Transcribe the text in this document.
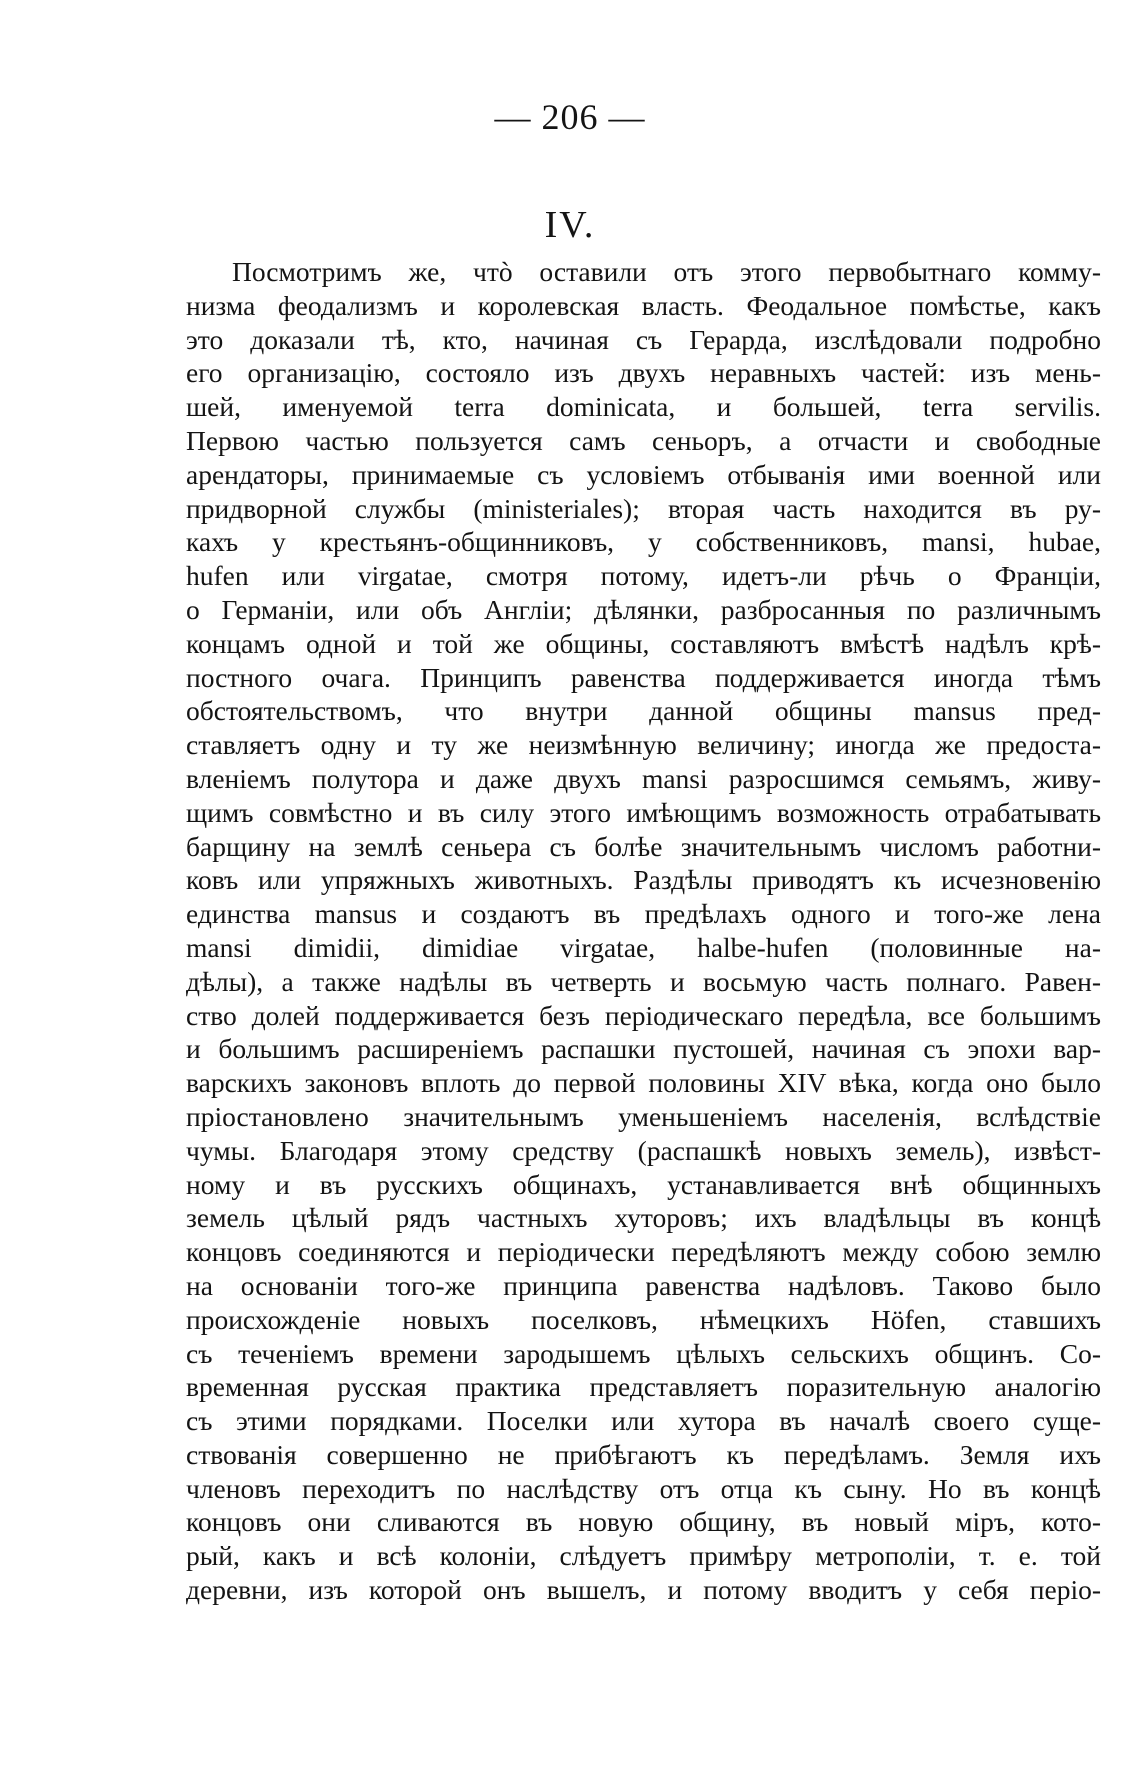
— 206 —
IV.
Посмотримъ же, чтò оставили отъ этого первобытнаго комму-
низма феодализмъ и королевская власть. Феодальное помѣстье, какъ
это доказали тѣ, кто, начиная съ Герарда, изслѣдовали подробно
его организацію, состояло изъ двухъ неравныхъ частей: изъ мень-
шей, именуемой terra dominicata, и большей, terra servilis.
Первою частью пользуется самъ сеньоръ, а отчасти и свободные
арендаторы, принимаемые съ условіемъ отбыванія ими военной или
придворной службы (ministeriales); вторая часть находится въ ру-
кахъ у крестьянъ-общинниковъ, у собственниковъ, mansi, hubae,
hufen или virgatae, смотря потому, идетъ-ли рѣчь о Франціи,
о Германіи, или объ Англіи; дѣлянки, разбросанныя по различнымъ
концамъ одной и той же общины, составляютъ вмѣстѣ надѣлъ крѣ-
постного очага. Принципъ равенства поддерживается иногда тѣмъ
обстоятельствомъ, что внутри данной общины mansus пред-
ставляетъ одну и ту же неизмѣнную величину; иногда же предоста-
вленіемъ полутора и даже двухъ mansi разросшимся семьямъ, живу-
щимъ совмѣстно и въ силу этого имѣющимъ возможность отрабатывать
барщину на землѣ сеньера съ болѣе значительнымъ числомъ работни-
ковъ или упряжныхъ животныхъ. Раздѣлы приводятъ къ исчезновенію
единства mansus и создаютъ въ предѣлахъ одного и того-же лена
mansi dimidii, dimidiae virgatae, halbe-hufen (половинные на-
дѣлы), а также надѣлы въ четверть и восьмую часть полнаго. Равен-
ство долей поддерживается безъ періодическаго передѣла, все большимъ
и большимъ расширеніемъ распашки пустошей, начиная съ эпохи вар-
варскихъ законовъ вплоть до первой половины XIV вѣка, когда оно было
пріостановлено значительнымъ уменьшеніемъ населенія, вслѣдствіе
чумы. Благодаря этому средству (распашкѣ новыхъ земель), извѣст-
ному и въ русскихъ общинахъ, устанавливается внѣ общинныхъ
земель цѣлый рядъ частныхъ хуторовъ; ихъ владѣльцы въ концѣ
концовъ соединяются и періодически передѣляютъ между собою землю
на основаніи того-же принципа равенства надѣловъ. Таково было
происхожденіе новыхъ поселковъ, нѣмецкихъ Höfen, ставшихъ
съ теченіемъ времени зародышемъ цѣлыхъ сельскихъ общинъ. Со-
временная русская практика представляетъ поразительную аналогію
съ этими порядками. Поселки или хутора въ началѣ своего суще-
ствованія совершенно не прибѣгаютъ къ передѣламъ. Земля ихъ
членовъ переходитъ по наслѣдству отъ отца къ сыну. Но въ концѣ
концовъ они сливаются въ новую общину, въ новый міръ, кото-
рый, какъ и всѣ колоніи, слѣдуетъ примѣру метрополіи, т. е. той
деревни, изъ которой онъ вышелъ, и потому вводитъ у себя періо-
